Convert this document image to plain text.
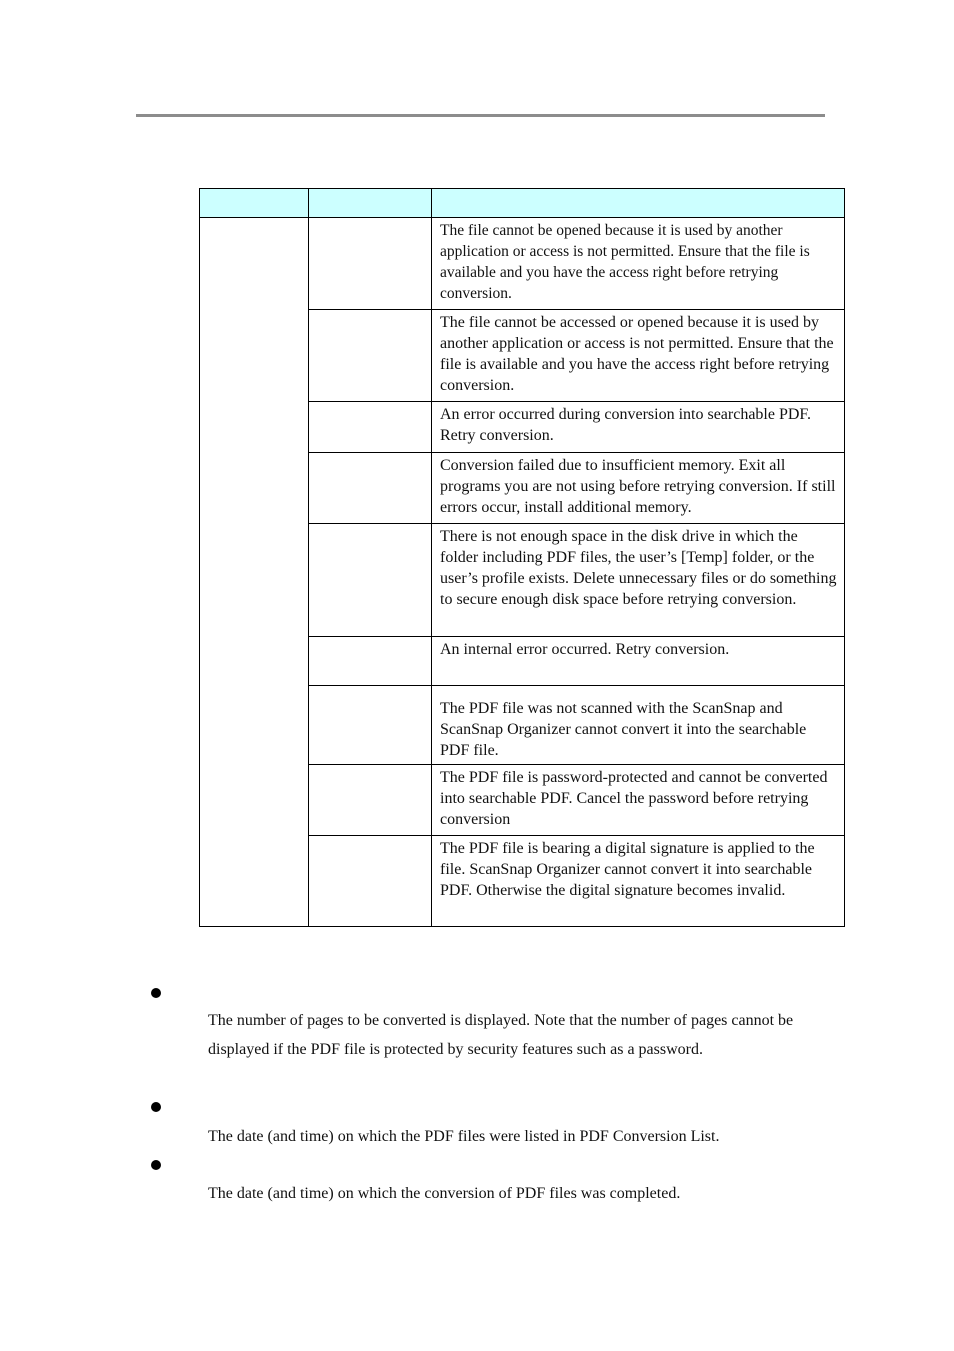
		The file cannot be opened because it is used by another application or access is not permitted. Ensure that the file is available and you have the access right before retrying conversion.
		The file cannot be accessed or opened because it is used by another application or access is not permitted. Ensure that the file is available and you have the access right before retrying conversion.
		An error occurred during conversion into searchable PDF. Retry conversion.
		Conversion failed due to insufficient memory. Exit all programs you are not using before retrying conversion. If still errors occur, install additional memory.
		There is not enough space in the disk drive in which the folder including PDF files, the user’s [Temp] folder, or the user’s profile exists. Delete unnecessary files or do something to secure enough disk space before retrying conversion.
		An internal error occurred. Retry conversion.
		The PDF file was not scanned with the ScanSnap and ScanSnap Organizer cannot convert it into the searchable PDF file.
		The PDF file is password-protected and cannot be converted into searchable PDF. Cancel the password before retrying conversion
		The PDF file is bearing a digital signature is applied to the file. ScanSnap Organizer cannot convert it into searchable PDF. Otherwise the digital signature becomes invalid.
The number of pages to be converted is displayed. Note that the number of pages cannot be displayed if the PDF file is protected by security features such as a password.
The date (and time) on which the PDF files were listed in PDF Conversion List.
The date (and time) on which the conversion of PDF files was completed.
